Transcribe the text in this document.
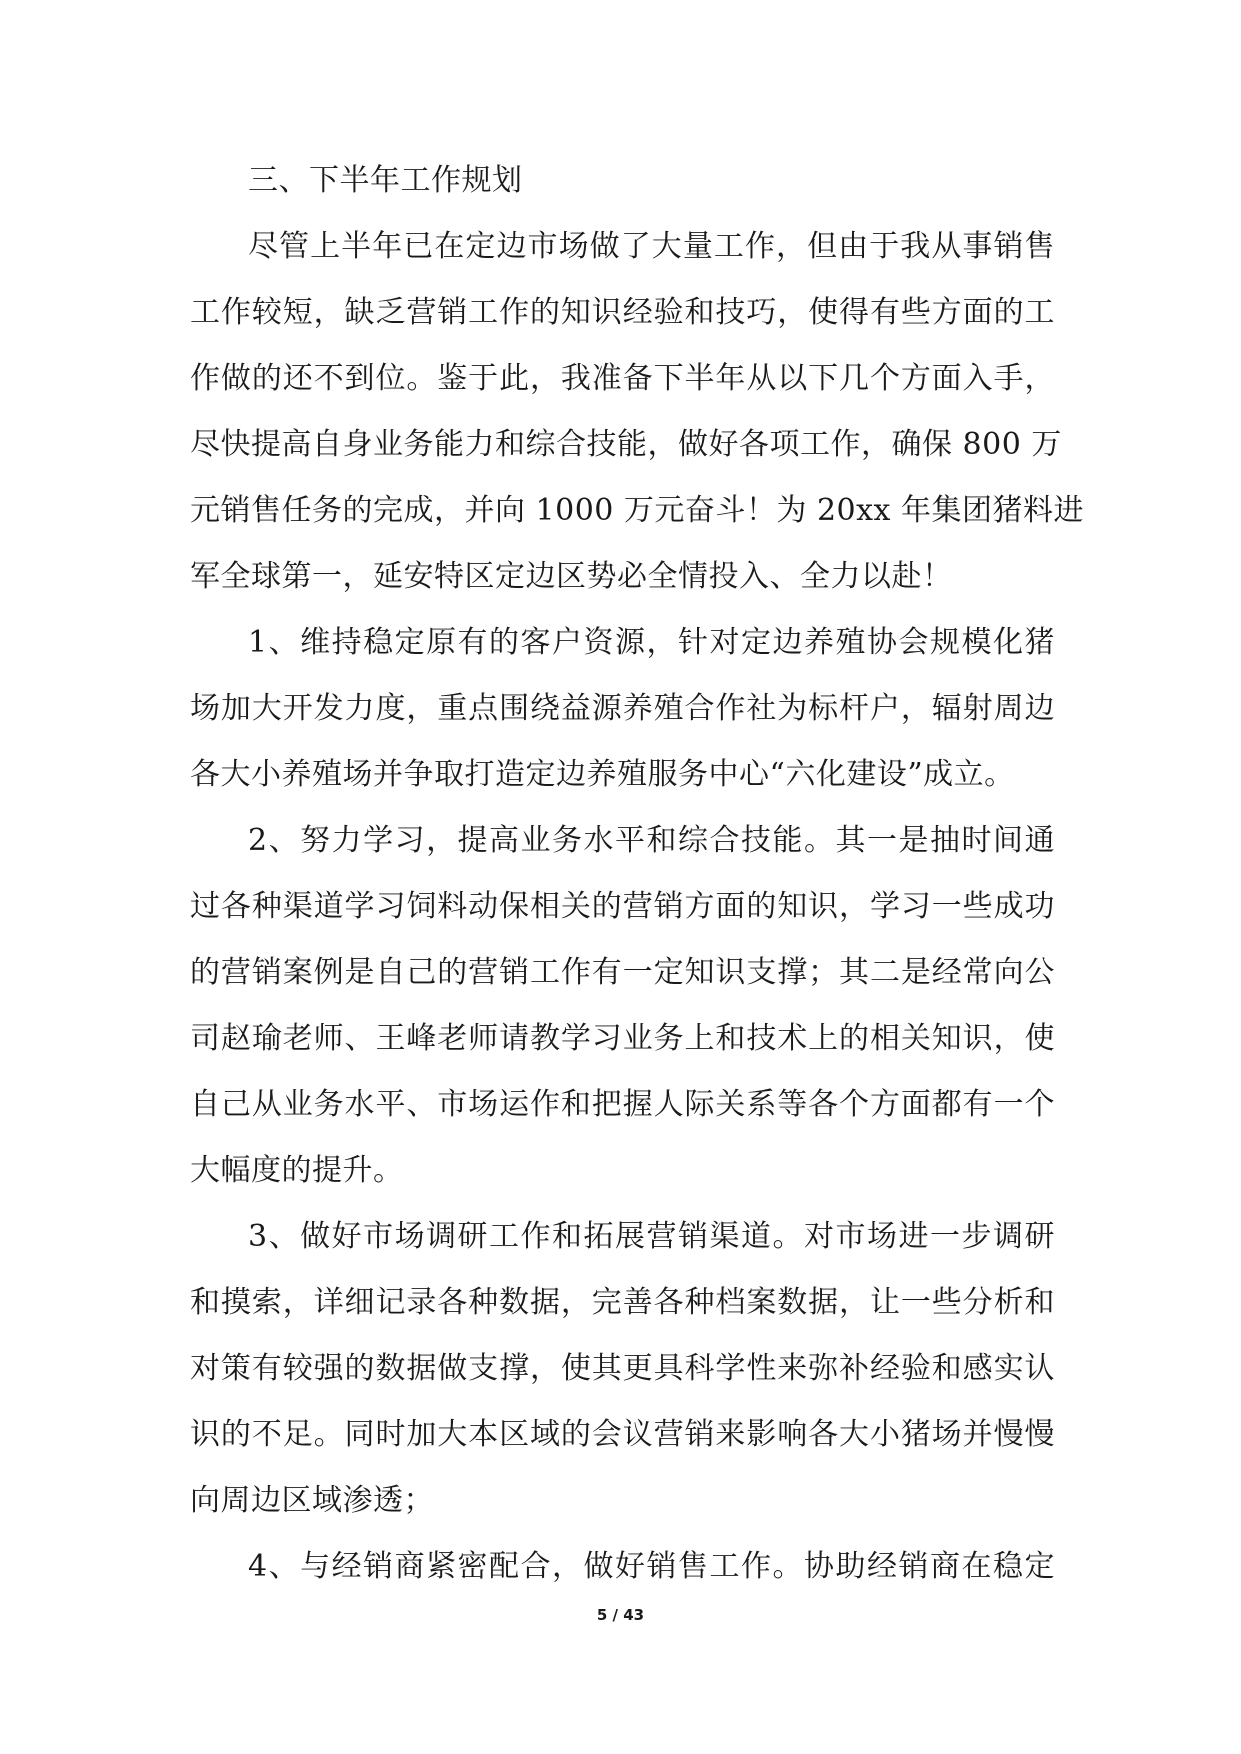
三、下半年工作规划
尽管上半年已在定边市场做了大量工作，但由于我从事销售
工作较短，缺乏营销工作的知识经验和技巧，使得有些方面的工
作做的还不到位。鉴于此，我准备下半年从以下几个方面入手，
尽快提高自身业务能力和综合技能，做好各项工作，确保 800 万
元销售任务的完成，并向 1000 万元奋斗！为 20xx 年集团猪料进
军全球第一，延安特区定边区势必全情投入、全力以赴！
1、维持稳定原有的客户资源，针对定边养殖协会规模化猪
场加大开发力度，重点围绕益源养殖合作社为标杆户，辐射周边
各大小养殖场并争取打造定边养殖服务中心“六化建设”成立。
2、努力学习，提高业务水平和综合技能。其一是抽时间通
过各种渠道学习饲料动保相关的营销方面的知识，学习一些成功
的营销案例是自己的营销工作有一定知识支撑；其二是经常向公
司赵瑜老师、王峰老师请教学习业务上和技术上的相关知识，使
自己从业务水平、市场运作和把握人际关系等各个方面都有一个
大幅度的提升。
3、做好市场调研工作和拓展营销渠道。对市场进一步调研
和摸索，详细记录各种数据，完善各种档案数据，让一些分析和
对策有较强的数据做支撑，使其更具科学性来弥补经验和感实认
识的不足。同时加大本区域的会议营销来影响各大小猪场并慢慢
向周边区域渗透；
4、与经销商紧密配合，做好销售工作。协助经销商在稳定
5 / 43
